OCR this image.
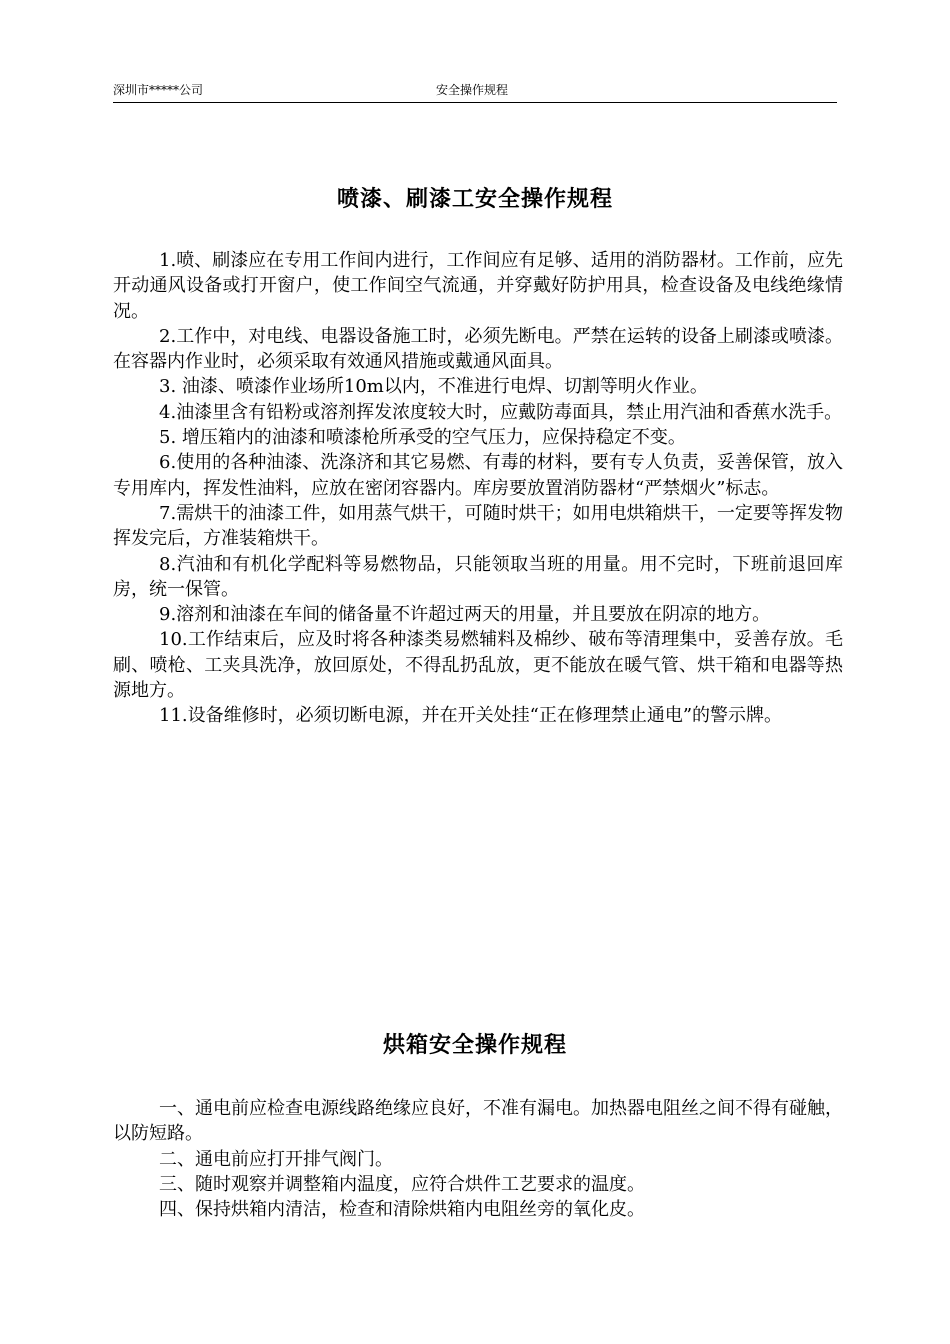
深圳市*****公司	安全操作规程
喷漆、刷漆工安全操作规程

1.喷、刷漆应在专用工作间内进行，工作间应有足够、适用的消防器材。工作前，应先开动通风设备或打开窗户，使工作间空气流通，并穿戴好防护用具，检查设备及电线绝缘情况。

2.工作中，对电线、电器设备施工时，必须先断电。严禁在运转的设备上刷漆或喷漆。在容器内作业时，必须采取有效通风措施或戴通风面具。

3. 油漆、喷漆作业场所10m以内，不准进行电焊、切割等明火作业。

4.油漆里含有铅粉或溶剂挥发浓度较大时，应戴防毒面具，禁止用汽油和香蕉水洗手。

5. 增压箱内的油漆和喷漆枪所承受的空气压力，应保持稳定不变。

6.使用的各种油漆、洗涤济和其它易燃、有毒的材料，要有专人负责，妥善保管，放入专用库内，挥发性油料，应放在密闭容器内。库房要放置消防器材“严禁烟火”标志。

7.需烘干的油漆工件，如用蒸气烘干，可随时烘干；如用电烘箱烘干，一定要等挥发物挥发完后，方准装箱烘干。

8.汽油和有机化学配料等易燃物品，只能领取当班的用量。用不完时，下班前退回库房，统一保管。

9.溶剂和油漆在车间的储备量不许超过两天的用量，并且要放在阴凉的地方。

10.工作结束后，应及时将各种漆类易燃辅料及棉纱、破布等清理集中，妥善存放。毛刷、喷枪、工夹具洗净，放回原处，不得乱扔乱放，更不能放在暖气管、烘干箱和电器等热源地方。

11.设备维修时，必须切断电源，并在开关处挂“正在修理禁止通电”的警示牌。

烘箱安全操作规程

一、通电前应检查电源线路绝缘应良好，不准有漏电。加热器电阻丝之间不得有碰触，以防短路。

二、通电前应打开排气阀门。

三、随时观察并调整箱内温度，应符合烘件工艺要求的温度。

四、保持烘箱内清洁，检查和清除烘箱内电阻丝旁的氧化皮。
